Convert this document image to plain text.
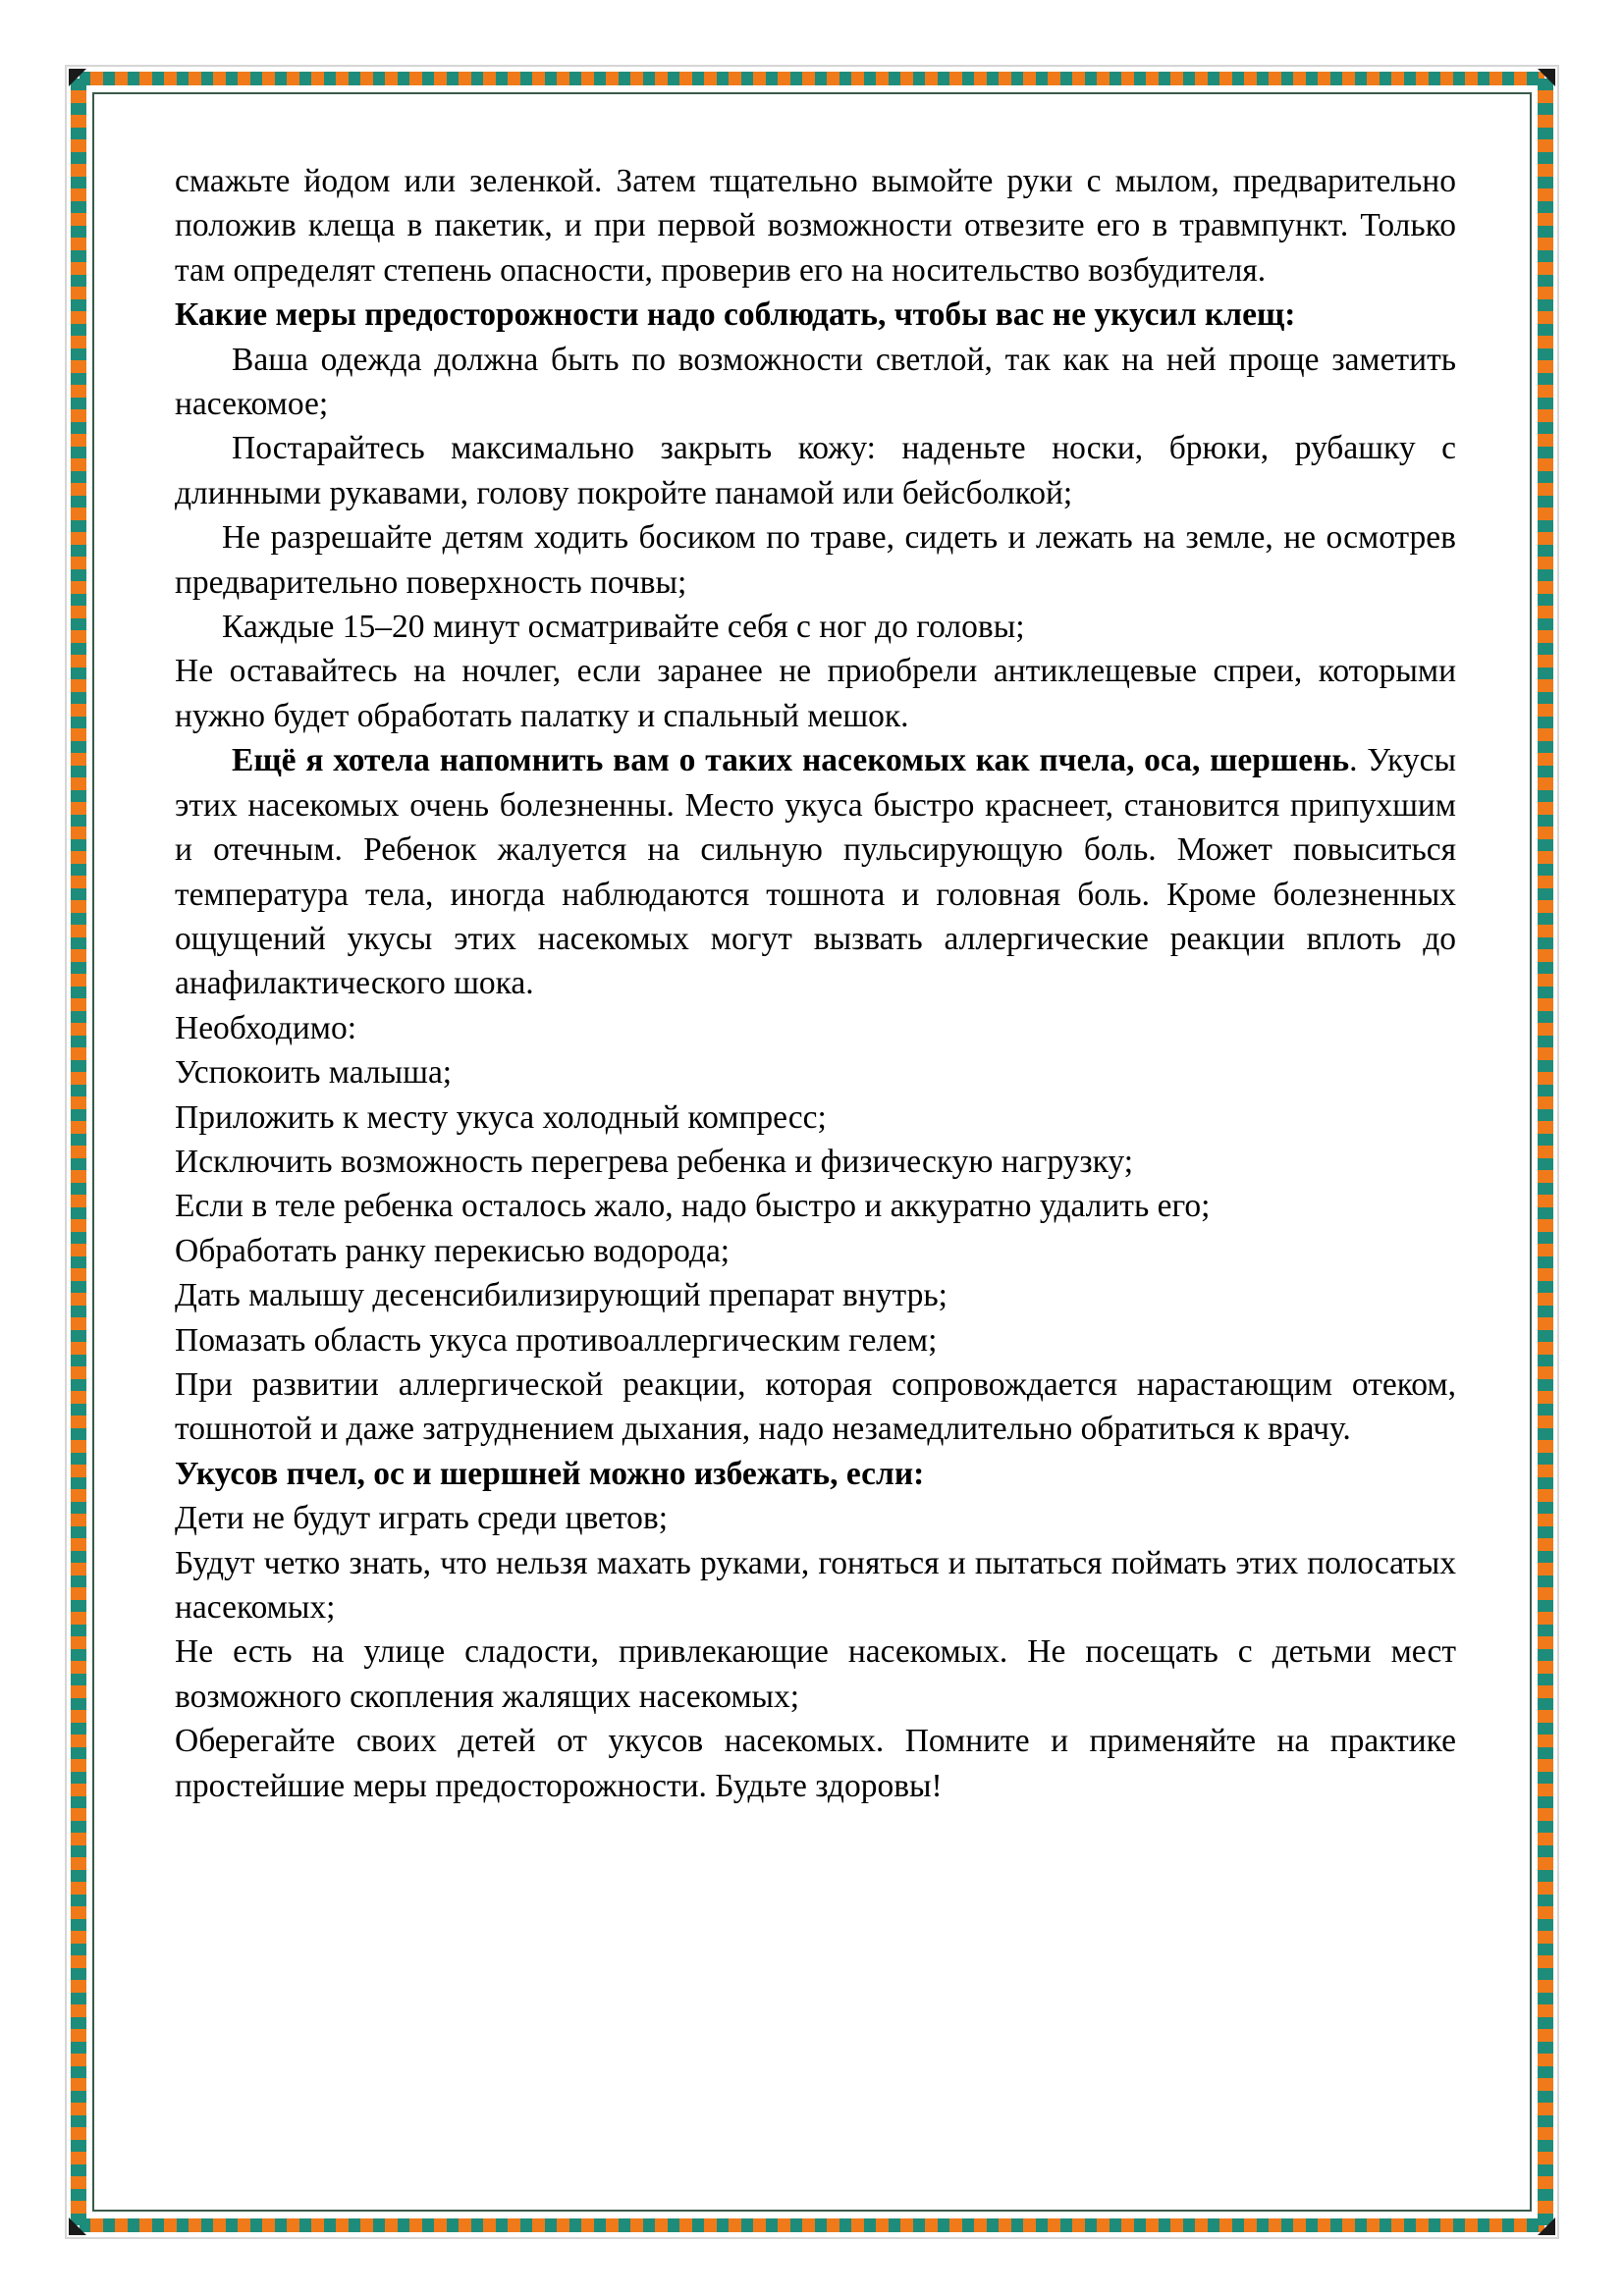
смажьте йодом или зеленкой. Затем тщательно вымойте руки с мылом, предварительно положив клеща в пакетик, и при первой возможности отвезите его в травмпункт. Только там определят степень опасности, проверив его на носительство возбудителя.

Какие меры предосторожности надо соблюдать, чтобы вас не укусил клещ:

Ваша одежда должна быть по возможности светлой, так как на ней проще заметить насекомое;

Постарайтесь максимально закрыть кожу: наденьте носки, брюки, рубашку с длинными рукавами, голову покройте панамой или бейсболкой;

Не разрешайте детям ходить босиком по траве, сидеть и лежать на земле, не осмотрев предварительно поверхность почвы;

Каждые 15–20 минут осматривайте себя с ног до головы;

Не оставайтесь на ночлег, если заранее не приобрели антиклещевые спреи, которыми нужно будет обработать палатку и спальный мешок.

Ещё я хотела напомнить вам о таких насекомых как пчела, оса, шершень. Укусы этих насекомых очень болезненны. Место укуса быстро краснеет, становится припухшим и отечным. Ребенок жалуется на сильную пульсирующую боль. Может повыситься температура тела, иногда наблюдаются тошнота и головная боль. Кроме болезненных ощущений укусы этих насекомых могут вызвать аллергические реакции вплоть до анафилактического шока.

Необходимо:

Успокоить малыша;

Приложить к месту укуса холодный компресс;

Исключить возможность перегрева ребенка и физическую нагрузку;

Если в теле ребенка осталось жало, надо быстро и аккуратно удалить его;

Обработать ранку перекисью водорода;

Дать малышу десенсибилизирующий препарат внутрь;

Помазать область укуса противоаллергическим гелем;

При развитии аллергической реакции, которая сопровождается нарастающим отеком, тошнотой и даже затруднением дыхания, надо незамедлительно обратиться к врачу.

Укусов пчел, ос и шершней можно избежать, если:

Дети не будут играть среди цветов;

Будут четко знать, что нельзя махать руками, гоняться и пытаться поймать этих полосатых насекомых;

Не есть на улице сладости, привлекающие насекомых. Не посещать с детьми мест возможного скопления жалящих насекомых;

Оберегайте своих детей от укусов насекомых. Помните и применяйте на практике простейшие меры предосторожности. Будьте здоровы!
